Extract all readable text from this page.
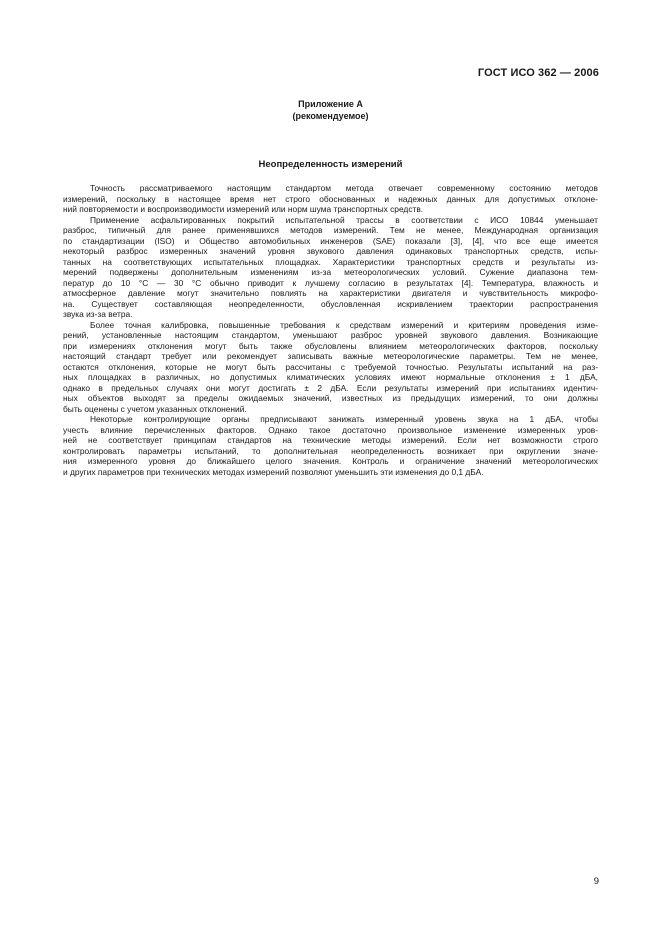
ГОСТ ИСО 362 — 2006
Приложение А
(рекомендуемое)
Неопределенность измерений
Точность рассматриваемого настоящим стандартом метода отвечает современному состоянию методов
измерений, поскольку в настоящее время нет строго обоснованных и надежных данных для допустимых отклоне-
ний повторяемости и воспроизводимости измерений или норм шума транспортных средств.
Применение асфальтированных покрытий испытательной трассы в соответствии с ИСО 10844 уменьшает
разброс, типичный для ранее применявшихся методов измерений. Тем не менее, Международная организация
по стандартизации (ISO) и Общество автомобильных инженеров (SAE) показали [3], [4], что все еще имеется
некоторый разброс измеренных значений уровня звукового давления одинаковых транспортных средств, испы-
танных на соответствующих испытательных площадках. Характеристики транспортных средств и результаты из-
мерений подвержены дополнительным изменениям из-за метеорологических условий. Сужение диапазона тем-
ператур до 10 °С — 30 °С обычно приводит к лучшему согласию в результатах [4]. Температура, влажность и
атмосферное давление могут значительно повлиять на характеристики двигателя и чувствительность микрофо-
на. Существует составляющая неопределенности, обусловленная искривлением траектории распространения
звука из-за ветра.
Более точная калибровка, повышенные требования к средствам измерений и критериям проведения изме-
рений, установленные настоящим стандартом, уменьшают разброс уровней звукового давления. Возникающие
при измерениях отклонения могут быть также обусловлены влиянием метеорологических факторов, поскольку
настоящий стандарт требует или рекомендует записывать важные метеорологические параметры. Тем не менее,
остаются отклонения, которые не могут быть рассчитаны с требуемой точностью. Результаты испытаний на раз-
ных площадках в различных, но допустимых климатических условиях имеют нормальные отклонения ± 1 дБА,
однако в предельных случаях они могут достигать ± 2 дБА. Если результаты измерений при испытаниях идентич-
ных объектов выходят за пределы ожидаемых значений, известных из предыдущих измерений, то они должны
быть оценены с учетом указанных отклонений.
Некоторые контролирующие органы предписывают занижать измеренный уровень звука на 1 дБА, чтобы
учесть влияние перечисленных факторов. Однако такое достаточно произвольное изменение измеренных уров-
ней не соответствует принципам стандартов на технические методы измерений. Если нет возможности строго
контролировать параметры испытаний, то дополнительная неопределенность возникает при округлении значе-
ния измеренного уровня до ближайшего целого значения. Контроль и ограничение значений метеорологических
и других параметров при технических методах измерений позволяют уменьшить эти изменения до 0,1 дБА.
9
